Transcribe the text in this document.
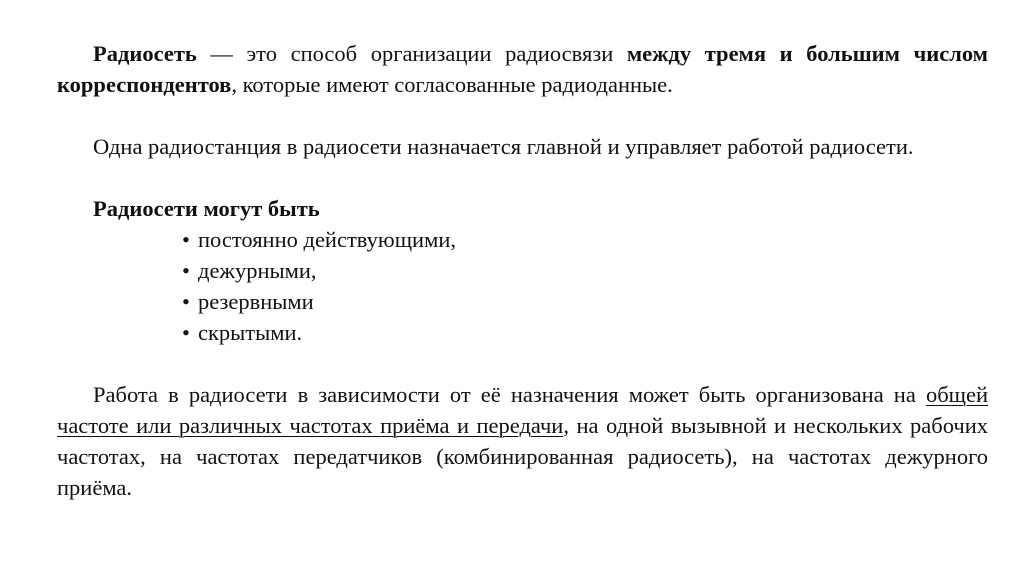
Радиосеть — это способ организации радиосвязи между тремя и большим числом корреспондентов, которые имеют согласованные радиоданные.

Одна радиостанция в радиосети назначается главной и управляет работой радиосети.

Радиосети могут быть

• постоянно действующими,
• дежурными,
• резервными
• скрытыми.

Работа в радиосети в зависимости от её назначения может быть организована на общей частоте или различных частотах приёма и передачи, на одной вызывной и нескольких рабочих частотах, на частотах передатчиков (комбинированная радиосеть), на частотах дежурного приёма.
